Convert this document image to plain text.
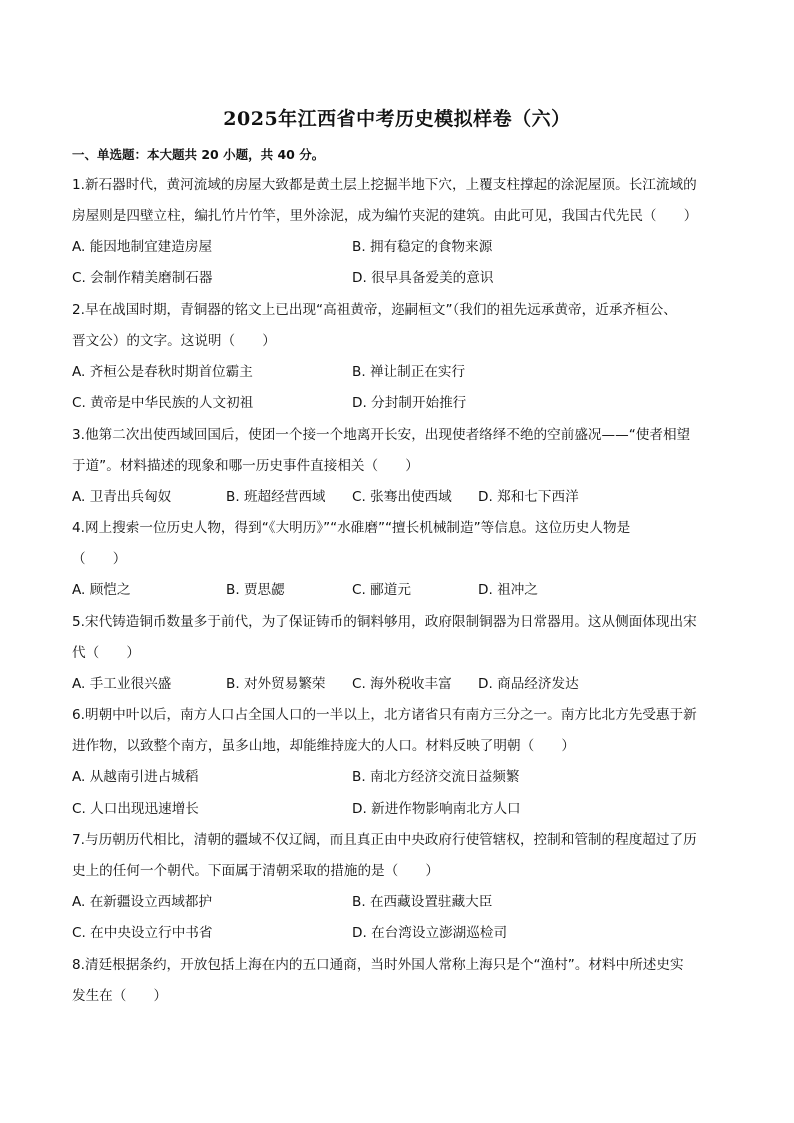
2025年江西省中考历史模拟样卷（六）
一、单选题：本大题共 20 小题，共 40 分。
1.新石器时代，黄河流域的房屋大致都是黄土层上挖掘半地下穴，上覆支柱撑起的涂泥屋顶。长江流域的
房屋则是四壁立柱，编扎竹片竹竿，里外涂泥，成为编竹夹泥的建筑。由此可见，我国古代先民（　　）
A. 能因地制宜建造房屋	B. 拥有稳定的食物来源
C. 会制作精美磨制石器	D. 很早具备爱美的意识
2.早在战国时期，青铜器的铭文上已出现“高祖黄帝，迩嗣桓文”（我们的祖先远承黄帝，近承齐桓公、
晋文公）的文字。这说明（　　）
A. 齐桓公是春秋时期首位霸主	B. 禅让制正在实行
C. 黄帝是中华民族的人文初祖	D. 分封制开始推行
3.他第二次出使西域回国后，使团一个接一个地离开长安，出现使者络绎不绝的空前盛况——“使者相望
于道”。材料描述的现象和哪一历史事件直接相关（　　）
A. 卫青出兵匈奴	B. 班超经营西域 C. 张骞出使西域 D. 郑和七下西洋
4.网上搜索一位历史人物，得到“《大明历》”“水碓磨”“擅长机械制造”等信息。这位历史人物是
（　　）
A. 顾恺之	B. 贾思勰	C. 郦道元	D. 祖冲之
5.宋代铸造铜币数量多于前代，为了保证铸币的铜料够用，政府限制铜器为日常器用。这从侧面体现出宋
代（　　）
A. 手工业很兴盛	B. 对外贸易繁荣 C. 海外税收丰富 D. 商品经济发达
6.明朝中叶以后，南方人口占全国人口的一半以上，北方诸省只有南方三分之一。南方比北方先受惠于新
进作物，以致整个南方，虽多山地，却能维持庞大的人口。材料反映了明朝（　　）
A. 从越南引进占城稻	B. 南北方经济交流日益频繁
C. 人口出现迅速增长	D. 新进作物影响南北方人口
7.与历朝历代相比，清朝的疆域不仅辽阔，而且真正由中央政府行使管辖权，控制和管制的程度超过了历
史上的任何一个朝代。下面属于清朝采取的措施的是（　　）
A. 在新疆设立西域都护	B. 在西藏设置驻藏大臣
C. 在中央设立行中书省	D. 在台湾设立澎湖巡检司
8.清廷根据条约，开放包括上海在内的五口通商，当时外国人常称上海只是个“渔村”。材料中所述史实
发生在（　　）
